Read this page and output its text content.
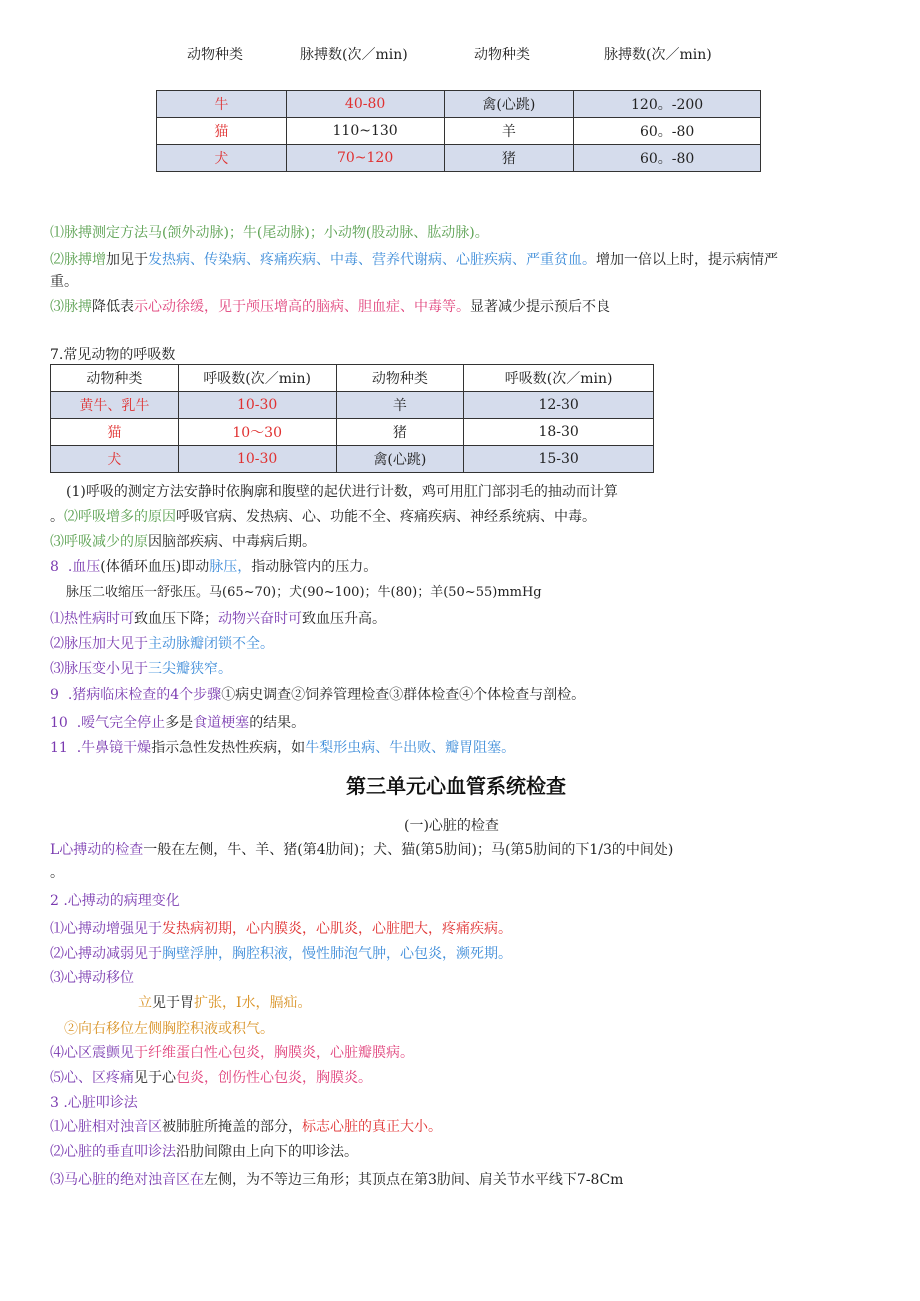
动物种类	脉搏数(次／min)	动物种类	脉搏数(次／min)
牛	40-80	禽(心跳)	120。-200
猫	110~130	羊	60。-80
犬	70~120	猪	60。-80

⑴脉搏测定方法马(颌外动脉)；牛(尾动脉)；小动物(股动脉、肱动脉)。

⑵脉搏增加见于发热病、传染病、疼痛疾病、中毒、营养代谢病、心脏疾病、严重贫血。增加一倍以上时，提示病情严

重。

⑶脉搏降低表示心动徐缓，见于颅压增高的脑病、胆血症、中毒等。显著减少提示预后不良

7.常见动物的呼吸数

动物种类	呼吸数(次／min)	动物种类	呼吸数(次／min)
黄牛、乳牛	10-30	羊	12-30
猫	10～30	猪	18-30
犬	10-30	禽(心跳)	15-30

(1)呼吸的测定方法安静时依胸廓和腹壁的起伏进行计数，鸡可用肛门部羽毛的抽动而计算

。⑵呼吸增多的原因呼吸官病、发热病、心、功能不全、疼痛疾病、神经系统病、中毒。

⑶呼吸减少的原因脑部疾病、中毒病后期。

8 .血压(体循环血压)即动脉压，指动脉管内的压力。

脉压二收缩压一舒张压。马(65~70)；犬(90~100)；牛(80)；羊(50~55)mmHg

⑴热性病时可致血压下降；动物兴奋时可致血压升高。

⑵脉压加大见于主动脉瓣闭锁不全。

⑶脉压变小见于三尖瓣狭窄。

9 .猪病临床检查的4个步骤①病史调查②饲养管理检查③群体检查④个体检查与剖检。

10 .嗳气完全停止多是食道梗塞的结果。

11 .牛鼻镜干燥指示急性发热性疾病，如牛梨形虫病、牛出败、瓣胃阻塞。

第三单元心血管系统检查
(一)心脏的检查

L心搏动的检查一般在左侧，牛、羊、猪(第4肋间)；犬、猫(第5肋间)；马(第5肋间的下1/3的中间处)

。

2 .心搏动的病理变化

⑴心搏动增强见于发热病初期，心内膜炎，心肌炎，心脏肥大，疼痛疾病。

⑵心搏动减弱见于胸壁浮肿，胸腔积液，慢性肺泡气肿，心包炎，濒死期。

⑶心搏动移位

立见于胃扩张，I水，膈疝。

②向右移位左侧胸腔积液或积气。

⑷心区震颤见于纤维蛋白性心包炎，胸膜炎，心脏瓣膜病。

⑸心、区疼痛见于心包炎，创伤性心包炎，胸膜炎。

3 .心脏叩诊法

⑴心脏相对浊音区被肺脏所掩盖的部分，标志心脏的真正大小。

⑵心脏的垂直叩诊法沿肋间隙由上向下的叩诊法。

⑶马心脏的绝对浊音区在左侧，为不等边三角形；其顶点在第3肋间、肩关节水平线下7-8Cm
